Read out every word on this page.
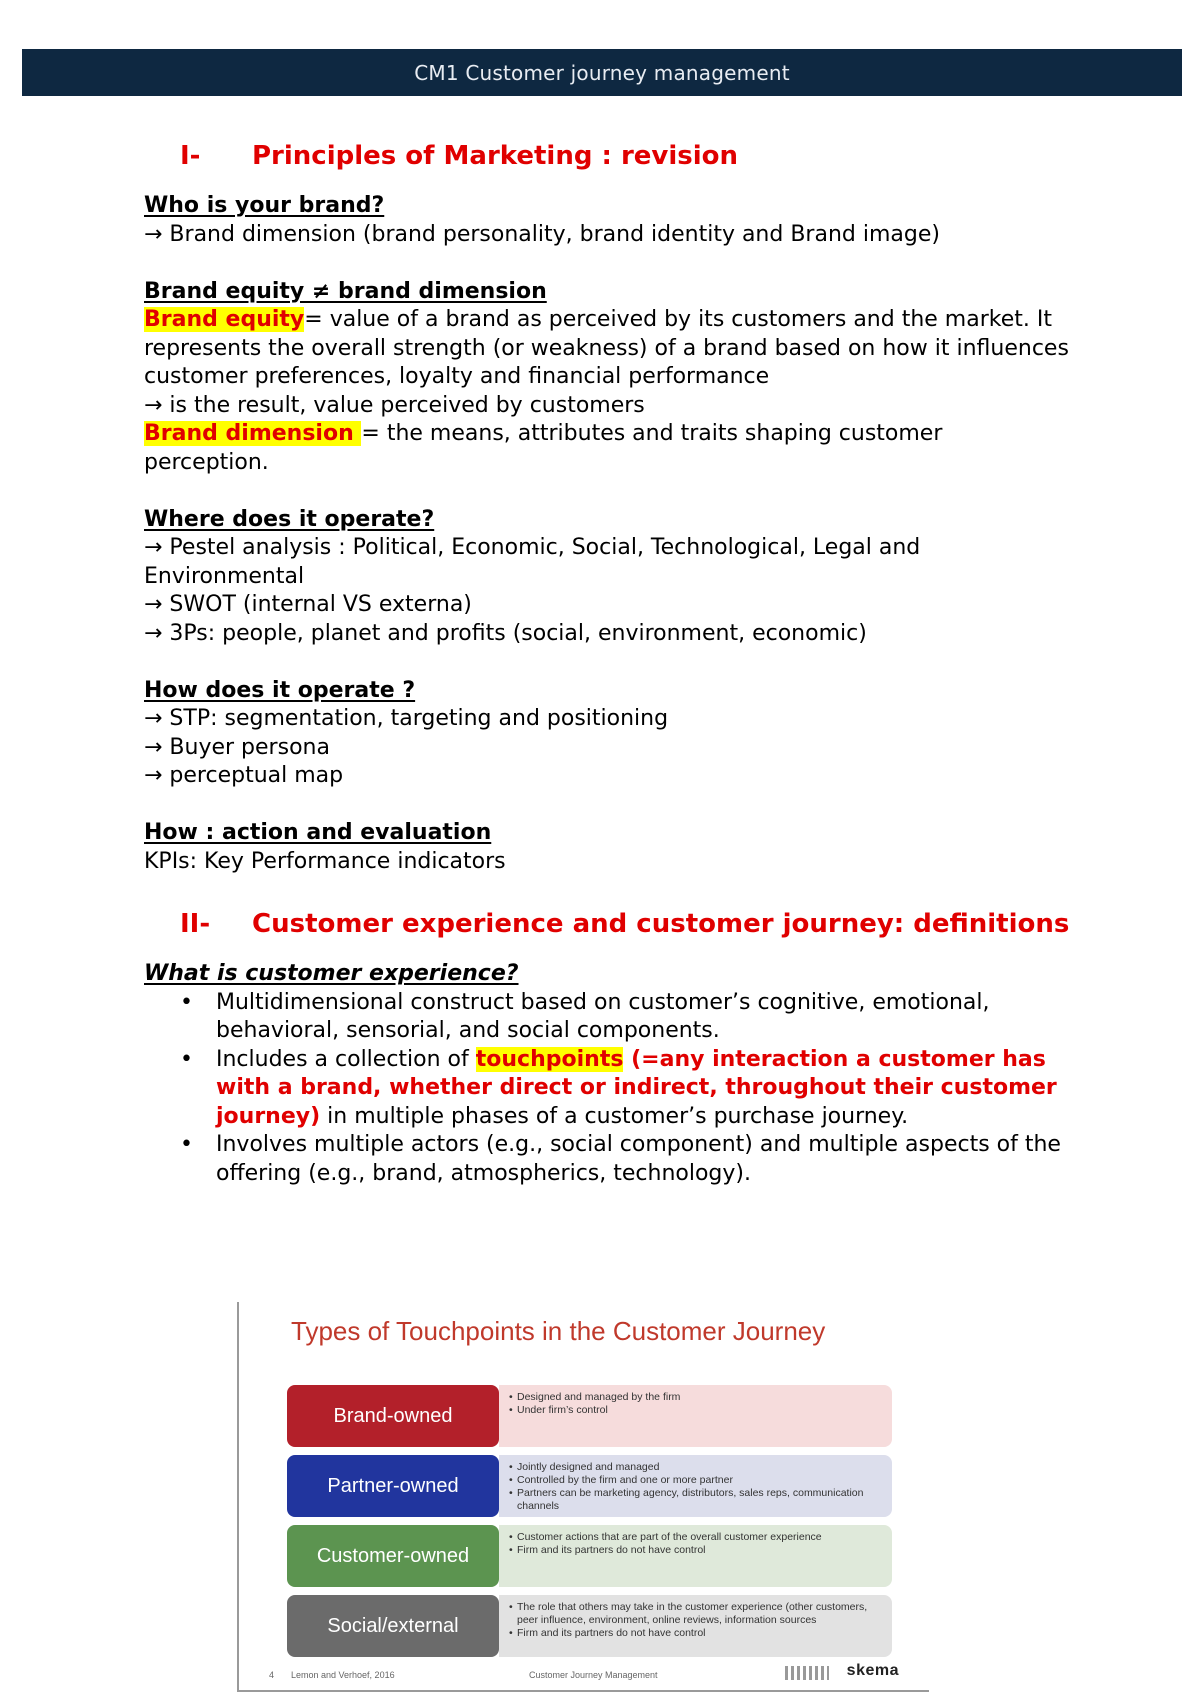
CM1 Customer journey management
I-	Principles of Marketing : revision

Who is your brand?

→ Brand dimension (brand personality, brand identity and Brand image)

Brand equity ≠ brand dimension

Brand equity= value of a brand as perceived by its customers and the market. It represents the overall strength (or weakness) of a brand based on how it influences customer preferences, loyalty and financial performance

→ is the result, value perceived by customers

Brand dimension = the means, attributes and traits shaping customer perception.

Where does it operate?

→ Pestel analysis : Political, Economic, Social, Technological, Legal and Environmental

→ SWOT (internal VS externa)

→ 3Ps: people, planet and profits (social, environment, economic)

How does it operate ?

→ STP: segmentation, targeting and positioning

→ Buyer persona

→ perceptual map

How : action and evaluation

KPIs: Key Performance indicators

II-	Customer experience and customer journey: definitions

What is customer experience?

• Multidimensional construct based on customer’s cognitive, emotional, behavioral, sensorial, and social components.
• Includes a collection of touchpoints (=any interaction a customer has with a brand, whether direct or indirect, throughout their customer journey) in multiple phases of a customer’s purchase journey.
• Involves multiple actors (e.g., social component) and multiple aspects of the offering (e.g., brand, atmospherics, technology).
Types of Touchpoints in the Customer Journey
Brand-owned
• Designed and managed by the firm
• Under firm’s control
Partner-owned
• Jointly designed and managed
• Controlled by the firm and one or more partner
• Partners can be marketing agency, distributors, sales reps, communication channels
Customer-owned
• Customer actions that are part of the overall customer experience
• Firm and its partners do not have control
Social/external
• The role that others may take in the customer experience (other customers, peer influence, environment, online reviews, information sources
• Firm and its partners do not have control
4 Lemon and Verhoef, 2016	Customer Journey Management	skema
